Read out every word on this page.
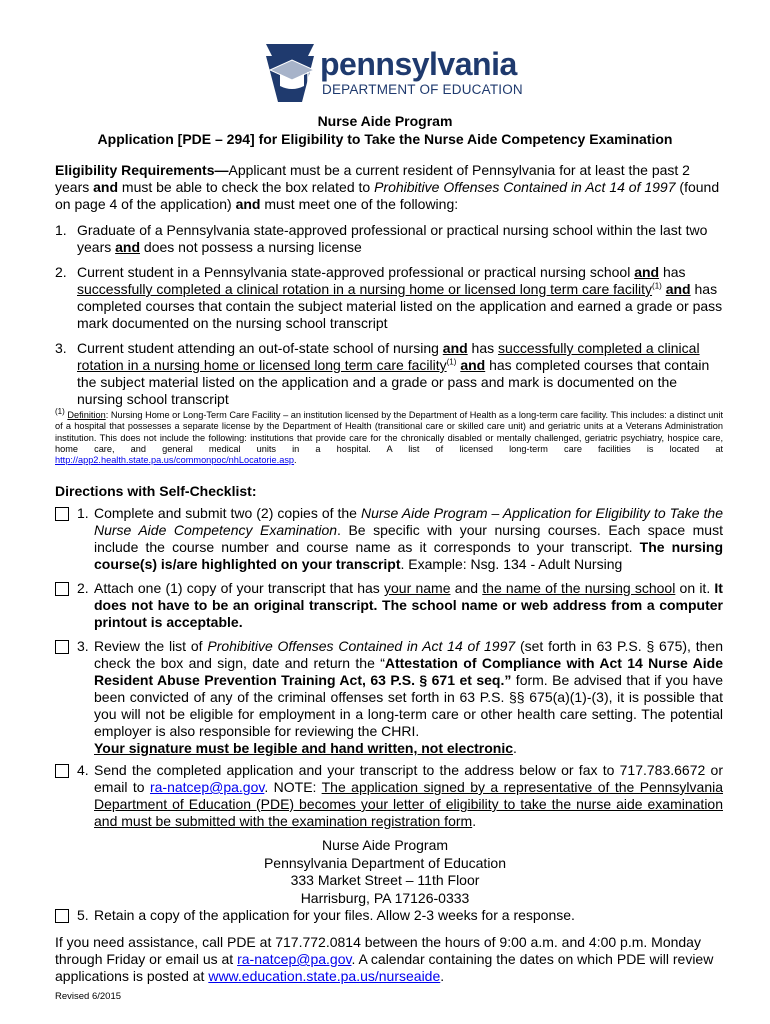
pennsylvania
DEPARTMENT OF EDUCATION
Nurse Aide Program
Application [PDE – 294] for Eligibility to Take the Nurse Aide Competency Examination
Eligibility Requirements—Applicant must be a current resident of Pennsylvania for at least the past 2 years and must be able to check the box related to Prohibitive Offenses Contained in Act 14 of 1997 (found on page 4 of the application) and must meet one of the following:
1. Graduate of a Pennsylvania state-approved professional or practical nursing school within the last two years and does not possess a nursing license
2. Current student in a Pennsylvania state-approved professional or practical nursing school and has successfully completed a clinical rotation in a nursing home or licensed long term care facility$^{(1)}$ and has completed courses that contain the subject material listed on the application and earned a grade or pass mark documented on the nursing school transcript
3. Current student attending an out-of-state school of nursing and has successfully completed a clinical rotation in a nursing home or licensed long term care facility$^{(1)}$ and has completed courses that contain the subject material listed on the application and a grade or pass and mark is documented on the nursing school transcript
$^{(1)}$ Definition: Nursing Home or Long-Term Care Facility – an institution licensed by the Department of Health as a long-term care facility. This includes: a distinct unit of a hospital that possesses a separate license by the Department of Health (transitional care or skilled care unit) and geriatric units at a Veterans Administration institution. This does not include the following: institutions that provide care for the chronically disabled or mentally challenged, geriatric psychiatry, hospice care, home care, and general medical units in a hospital. A list of licensed long-term care facilities is located at http://app2.health.state.pa.us/commonpoc/nhLocatorie.asp.
Directions with Self-Checklist:
1. Complete and submit two (2) copies of the Nurse Aide Program – Application for Eligibility to Take the Nurse Aide Competency Examination. Be specific with your nursing courses. Each space must include the course number and course name as it corresponds to your transcript. The nursing course(s) is/are highlighted on your transcript. Example: Nsg. 134 - Adult Nursing
2. Attach one (1) copy of your transcript that has your name and the name of the nursing school on it. It does not have to be an original transcript. The school name or web address from a computer printout is acceptable.
3. Review the list of Prohibitive Offenses Contained in Act 14 of 1997 (set forth in 63 P.S. § 675), then check the box and sign, date and return the “Attestation of Compliance with Act 14 Nurse Aide Resident Abuse Prevention Training Act, 63 P.S. § 671 et seq.” form. Be advised that if you have been convicted of any of the criminal offenses set forth in 63 P.S. §§ 675(a)(1)-(3), it is possible that you will not be eligible for employment in a long-term care or other health care setting. The potential employer is also responsible for reviewing the CHRI.
Your signature must be legible and hand written, not electronic.
4. Send the completed application and your transcript to the address below or fax to 717.783.6672 or email to ra-natcep@pa.gov. NOTE: The application signed by a representative of the Pennsylvania Department of Education (PDE) becomes your letter of eligibility to take the nurse aide examination and must be submitted with the examination registration form.
Nurse Aide Program
Pennsylvania Department of Education
333 Market Street – 11th Floor
Harrisburg, PA 17126-0333
5. Retain a copy of the application for your files. Allow 2-3 weeks for a response.
If you need assistance, call PDE at 717.772.0814 between the hours of 9:00 a.m. and 4:00 p.m. Monday through Friday or email us at ra-natcep@pa.gov. A calendar containing the dates on which PDE will review applications is posted at www.education.state.pa.us/nurseaide.
Revised 6/2015
